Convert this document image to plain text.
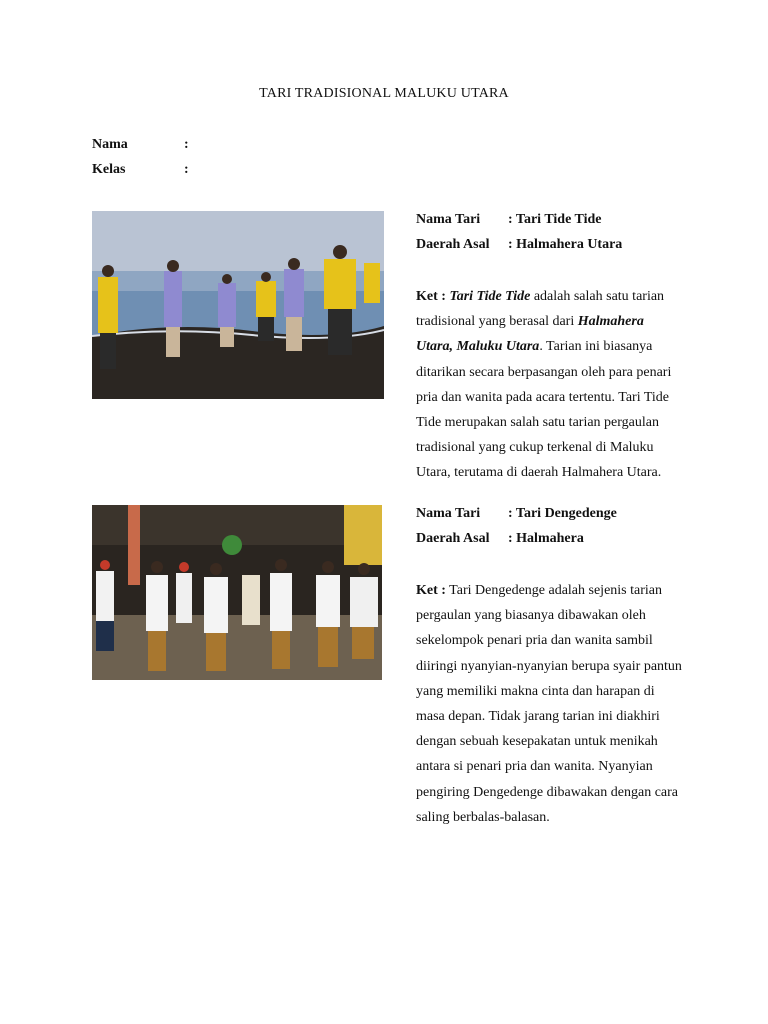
TARI TRADISIONAL MALUKU UTARA
Nama	:
Kelas	:
Nama Tari : Tari Tide Tide
Daerah Asal : Halmahera Utara
Ket : Tari Tide Tide adalah salah satu tarian tradisional yang berasal dari Halmahera Utara, Maluku Utara. Tarian ini biasanya ditarikan secara berpasangan oleh para penari pria dan wanita pada acara tertentu. Tari Tide Tide merupakan salah satu tarian pergaulan tradisional yang cukup terkenal di Maluku Utara, terutama di daerah Halmahera Utara.
Nama Tari : Tari Dengedenge
Daerah Asal : Halmahera
Ket : Tari Dengedenge adalah sejenis tarian pergaulan yang biasanya dibawakan oleh sekelompok penari pria dan wanita sambil diiringi nyanyian-nyanyian berupa syair pantun yang memiliki makna cinta dan harapan di masa depan. Tidak jarang tarian ini diakhiri dengan sebuah kesepakatan untuk menikah antara si penari pria dan wanita. Nyanyian pengiring Dengedenge dibawakan dengan cara saling berbalas-balasan.
